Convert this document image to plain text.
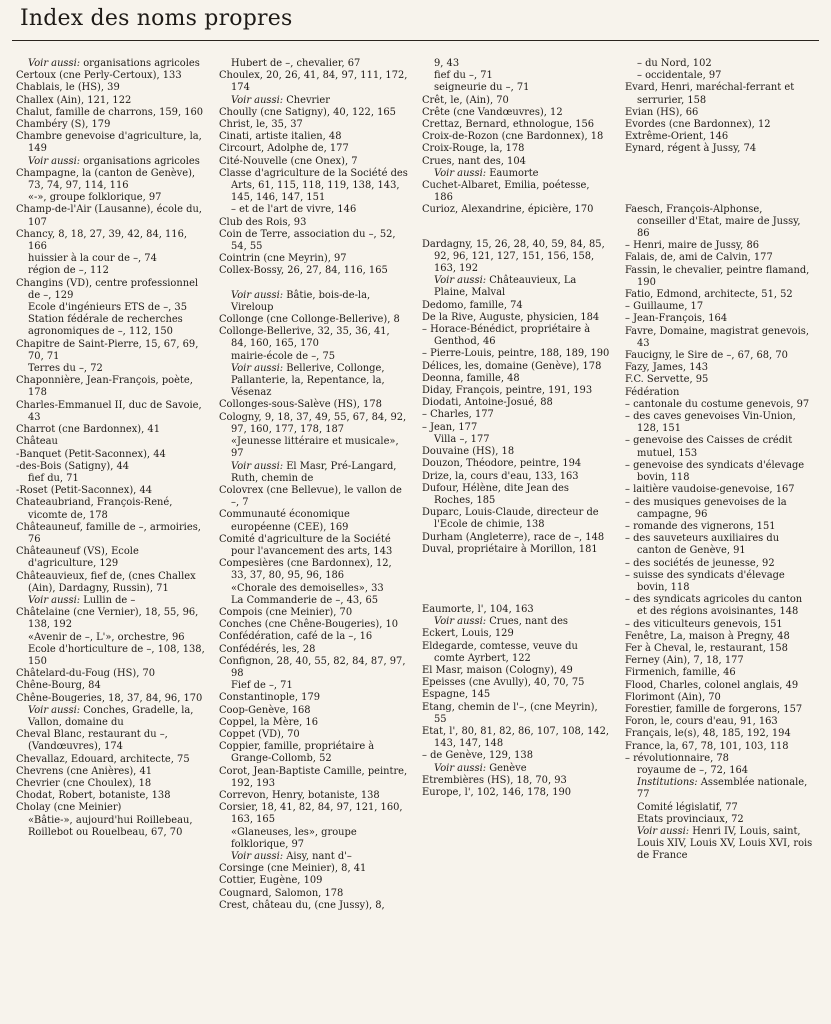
Index des noms propres

Voir aussi: organisations agricoles

Certoux (cne Perly-Certoux), 133

Chablais, le (HS), 39

Challex (Ain), 121, 122

Chalut, famille de charrons, 159, 160

Chambéry (S), 179

Chambre genevoise d'agriculture, la, 149

Voir aussi: organisations agricoles

Champagne, la (canton de Genève), 73, 74, 97, 114, 116

«-», groupe folklorique, 97

Champ-de-l'Air (Lausanne), école du, 107

Chancy, 8, 18, 27, 39, 42, 84, 116, 166

huissier à la cour de –, 74

région de –, 112

Changins (VD), centre professionnel de –, 129

Ecole d'ingénieurs ETS de –, 35

Station fédérale de recherches agronomiques de –, 112, 150

Chapitre de Saint-Pierre, 15, 67, 69, 70, 71

Terres du –, 72

Chaponnière, Jean-François, poète, 178

Charles-Emmanuel II, duc de Savoie, 43

Charrot (cne Bardonnex), 41

Château

-Banquet (Petit-Saconnex), 44

-des-Bois (Satigny), 44

fief du, 71

-Roset (Petit-Saconnex), 44

Chateaubriand, François-René, vicomte de, 178

Châteauneuf, famille de –, armoiries, 76

Châteauneuf (VS), Ecole d'agriculture, 129

Châteauvieux, fief de, (cnes Challex (Ain), Dardagny, Russin), 71

Voir aussi: Lullin de –

Châtelaine (cne Vernier), 18, 55, 96, 138, 192

«Avenir de –, L'», orchestre, 96

Ecole d'horticulture de –, 108, 138, 150

Châtelard-du-Foug (HS), 70

Chêne-Bourg, 84

Chêne-Bougeries, 18, 37, 84, 96, 170

Voir aussi: Conches, Gradelle, la, Vallon, domaine du

Cheval Blanc, restaurant du –, (Vandœuvres), 174

Chevallaz, Edouard, architecte, 75

Chevrens (cne Anières), 41

Chevrier (cne Choulex), 18

Chodat, Robert, botaniste, 138

Cholay (cne Meinier)

«Bâtie-», aujourd'hui Roillebeau, Roillebot ou Rouelbeau, 67, 70

Hubert de –, chevalier, 67

Choulex, 20, 26, 41, 84, 97, 111, 172, 174

Voir aussi: Chevrier

Choully (cne Satigny), 40, 122, 165

Christ, le, 35, 37

Cinati, artiste italien, 48

Circourt, Adolphe de, 177

Cité-Nouvelle (cne Onex), 7

Classe d'agriculture de la Société des Arts, 61, 115, 118, 119, 138, 143, 145, 146, 147, 151

– et de l'art de vivre, 146

Club des Rois, 93

Coin de Terre, association du –, 52, 54, 55

Cointrin (cne Meyrin), 97

Collex-Bossy, 26, 27, 84, 116, 165

Voir aussi: Bâtie, bois-de-la, Vireloup

Collonge (cne Collonge-Bellerive), 8

Collonge-Bellerive, 32, 35, 36, 41, 84, 160, 165, 170

mairie-école de –, 75

Voir aussi: Bellerive, Collonge, Pallanterie, la, Repentance, la, Vésenaz

Collonges-sous-Salève (HS), 178

Cologny, 9, 18, 37, 49, 55, 67, 84, 92, 97, 160, 177, 178, 187

«Jeunesse littéraire et musicale», 97

Voir aussi: El Masr, Pré-Langard, Ruth, chemin de

Colovrex (cne Bellevue), le vallon de –, 7

Communauté économique européenne (CEE), 169

Comité d'agriculture de la Société pour l'avancement des arts, 143

Compesières (cne Bardonnex), 12, 33, 37, 80, 95, 96, 186

«Chorale des demoiselles», 33

La Commanderie de –, 43, 65

Compois (cne Meinier), 70

Conches (cne Chêne-Bougeries), 10

Confédération, café de la –, 16

Confédérés, les, 28

Confignon, 28, 40, 55, 82, 84, 87, 97, 98

Fief de –, 71

Constantinople, 179

Coop-Genève, 168

Coppel, la Mère, 16

Coppet (VD), 70

Coppier, famille, propriétaire à Grange-Collomb, 52

Corot, Jean-Baptiste Camille, peintre, 192, 193

Correvon, Henry, botaniste, 138

Corsier, 18, 41, 82, 84, 97, 121, 160, 163, 165

«Glaneuses, les», groupe folklorique, 97

Voir aussi: Aisy, nant d'–

Corsinge (cne Meinier), 8, 41

Cottier, Eugène, 109

Cougnard, Salomon, 178

Crest, château du, (cne Jussy), 8,

9, 43

fief du –, 71

seigneurie du –, 71

Crêt, le, (Ain), 70

Crête (cne Vandœuvres), 12

Crettaz, Bernard, ethnologue, 156

Croix-de-Rozon (cne Bardonnex), 18

Croix-Rouge, la, 178

Crues, nant des, 104

Voir aussi: Eaumorte

Cuchet-Albaret, Emilia, poétesse, 186

Curioz, Alexandrine, épicière, 170

Dardagny, 15, 26, 28, 40, 59, 84, 85, 92, 96, 121, 127, 151, 156, 158, 163, 192

Voir aussi: Châteauvieux, La Plaine, Malval

Dedomo, famille, 74

De la Rive, Auguste, physicien, 184

– Horace-Bénédict, propriétaire à Genthod, 46

– Pierre-Louis, peintre, 188, 189, 190

Délices, les, domaine (Genève), 178

Deonna, famille, 48

Diday, François, peintre, 191, 193

Diodati, Antoine-Josué, 88

– Charles, 177

– Jean, 177

Villa –, 177

Douvaine (HS), 18

Douzon, Théodore, peintre, 194

Drize, la, cours d'eau, 133, 163

Dufour, Hélène, dite Jean des Roches, 185

Duparc, Louis-Claude, directeur de l'Ecole de chimie, 138

Durham (Angleterre), race de –, 148

Duval, propriétaire à Morillon, 181

Eaumorte, l', 104, 163

Voir aussi: Crues, nant des

Eckert, Louis, 129

Eldegarde, comtesse, veuve du comte Ayrbert, 122

El Masr, maison (Cologny), 49

Epeisses (cne Avully), 40, 70, 75

Espagne, 145

Etang, chemin de l'–, (cne Meyrin), 55

Etat, l', 80, 81, 82, 86, 107, 108, 142, 143, 147, 148

– de Genève, 129, 138

Voir aussi: Genève

Etrembières (HS), 18, 70, 93

Europe, l', 102, 146, 178, 190

– du Nord, 102

– occidentale, 97

Evard, Henri, maréchal-ferrant et serrurier, 158

Evian (HS), 66

Evordes (cne Bardonnex), 12

Extrême-Orient, 146

Eynard, régent à Jussy, 74

Faesch, François-Alphonse, conseiller d'Etat, maire de Jussy, 86

– Henri, maire de Jussy, 86

Falais, de, ami de Calvin, 177

Fassin, le chevalier, peintre flamand, 190

Fatio, Edmond, architecte, 51, 52

– Guillaume, 17

– Jean-François, 164

Favre, Domaine, magistrat genevois, 43

Faucigny, le Sire de –, 67, 68, 70

Fazy, James, 143

F.C. Servette, 95

Fédération

– cantonale du costume genevois, 97

– des caves genevoises Vin-Union, 128, 151

– genevoise des Caisses de crédit mutuel, 153

– genevoise des syndicats d'élevage bovin, 118

– laitière vaudoise-genevoise, 167

– des musiques genevoises de la campagne, 96

– romande des vignerons, 151

– des sauveteurs auxiliaires du canton de Genève, 91

– des sociétés de jeunesse, 92

– suisse des syndicats d'élevage bovin, 118

– des syndicats agricoles du canton et des régions avoisinantes, 148

– des viticulteurs genevois, 151

Fenêtre, La, maison à Pregny, 48

Fer à Cheval, le, restaurant, 158

Ferney (Ain), 7, 18, 177

Firmenich, famille, 46

Flood, Charles, colonel anglais, 49

Florimont (Ain), 70

Forestier, famille de forgerons, 157

Foron, le, cours d'eau, 91, 163

Français, le(s), 48, 185, 192, 194

France, la, 67, 78, 101, 103, 118

– révolutionnaire, 78

royaume de –, 72, 164

Institutions: Assemblée nationale, 77

Comité législatif, 77

Etats provinciaux, 72

Voir aussi: Henri IV, Louis, saint, Louis XIV, Louis XV, Louis XVI, rois de France
